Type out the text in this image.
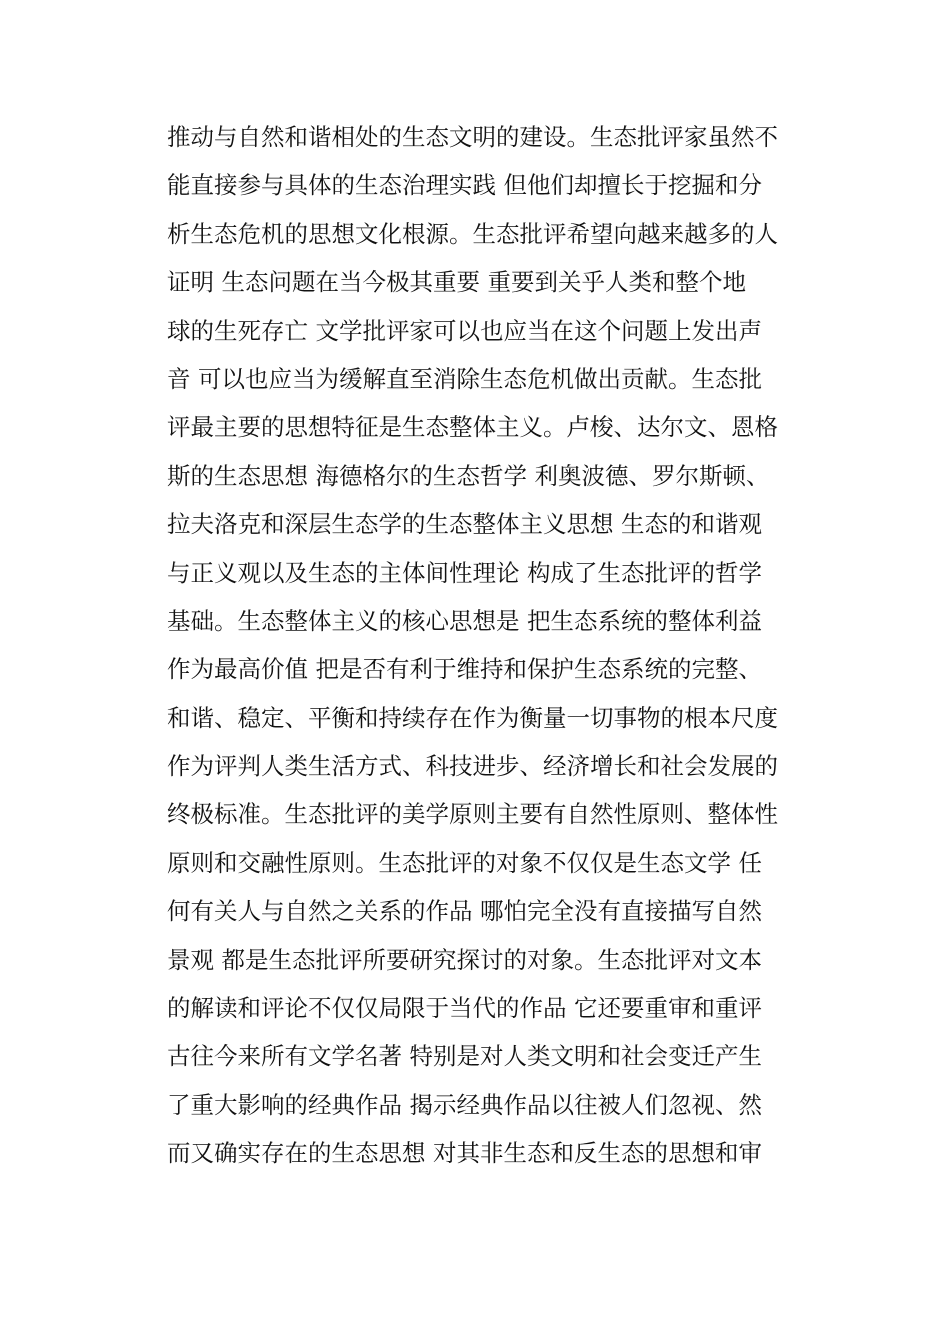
推动与自然和谐相处的生态文明的建设。生态批评家虽然不
能直接参与具体的生态治理实践 但他们却擅长于挖掘和分
析生态危机的思想文化根源。生态批评希望向越来越多的人
证明 生态问题在当今极其重要 重要到关乎人类和整个地
球的生死存亡 文学批评家可以也应当在这个问题上发出声
音 可以也应当为缓解直至消除生态危机做出贡献。生态批
评最主要的思想特征是生态整体主义。卢梭、达尔文、恩格
斯的生态思想 海德格尔的生态哲学 利奥波德、罗尔斯顿、
拉夫洛克和深层生态学的生态整体主义思想 生态的和谐观
与正义观以及生态的主体间性理论 构成了生态批评的哲学
基础。生态整体主义的核心思想是 把生态系统的整体利益
作为最高价值 把是否有利于维持和保护生态系统的完整、
和谐、稳定、平衡和持续存在作为衡量一切事物的根本尺度
作为评判人类生活方式、科技进步、经济增长和社会发展的
终极标准。生态批评的美学原则主要有自然性原则、整体性
原则和交融性原则。生态批评的对象不仅仅是生态文学 任
何有关人与自然之关系的作品 哪怕完全没有直接描写自然
景观 都是生态批评所要研究探讨的对象。生态批评对文本
的解读和评论不仅仅局限于当代的作品 它还要重审和重评
古往今来所有文学名著 特别是对人类文明和社会变迁产生
了重大影响的经典作品 揭示经典作品以往被人们忽视、然
而又确实存在的生态思想 对其非生态和反生态的思想和审
